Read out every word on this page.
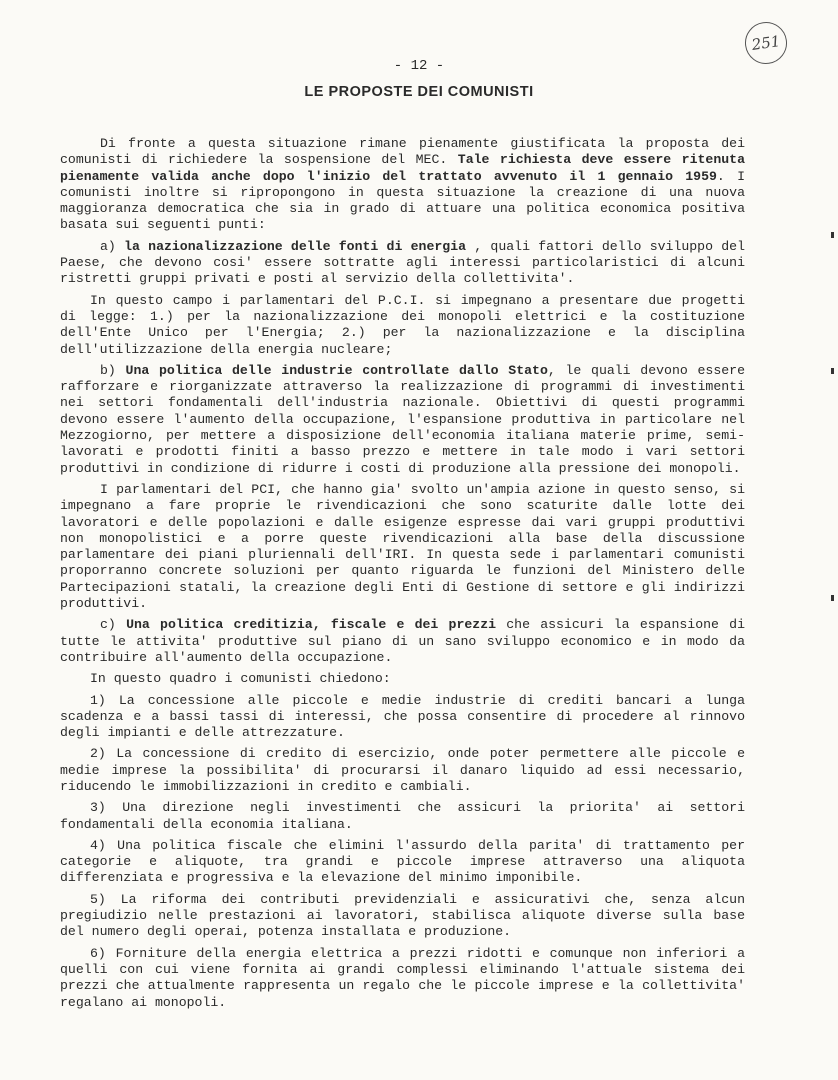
251
- 12 -
LE PROPOSTE DEI COMUNISTI

Di fronte a questa situazione rimane pienamente giustificata la proposta dei comunisti di richiedere la sospensione del MEC. Tale richiesta deve essere ritenuta pienamente valida anche dopo l'inizio del trattato avvenuto il 1 gennaio 1959. I comunisti inoltre si ripropongono in questa situazione la creazione di una nuova maggioranza democratica che sia in grado di attuare una politica economica positiva basata sui seguenti punti:

a) la nazionalizzazione delle fonti di energia , quali fattori dello sviluppo del Paese, che devono cosi' essere sottratte agli interessi particolaristici di alcuni ristretti gruppi privati e posti al servizio della collettivita'.

In questo campo i parlamentari del P.C.I. si impegnano a presentare due progetti di legge: 1.) per la nazionalizzazione dei monopoli elettrici e la costituzione dell'Ente Unico per l'Energia; 2.) per la nazionalizzazione e la disciplina dell'utilizzazione della energia nucleare;

b) Una politica delle industrie controllate dallo Stato, le quali devono essere rafforzare e riorganizzate attraverso la realizzazione di programmi di investimenti nei settori fondamentali dell'industria nazionale. Obiettivi di questi programmi devono essere l'aumento della occupazione, l'espansione produttiva in particolare nel Mezzogiorno, per mettere a disposizione dell'economia italiana materie prime, semi-lavorati e prodotti finiti a basso prezzo e mettere in tale modo i vari settori produttivi in condizione di ridurre i costi di produzione alla pressione dei monopoli.

I parlamentari del PCI, che hanno gia' svolto un'ampia azione in questo senso, si impegnano a fare proprie le rivendicazioni che sono scaturite dalle lotte dei lavoratori e delle popolazioni e dalle esigenze espresse dai vari gruppi produttivi non monopolistici e a porre queste rivendicazioni alla base della discussione parlamentare dei piani pluriennali dell'IRI. In questa sede i parlamentari comunisti proporranno concrete soluzioni per quanto riguarda le funzioni del Ministero delle Partecipazioni statali, la creazione degli Enti di Gestione di settore e gli indirizzi produttivi.

c) Una politica creditizia, fiscale e dei prezzi che assicuri la espansione di tutte le attivita' produttive sul piano di un sano sviluppo economico e in modo da contribuire all'aumento della occupazione.

In questo quadro i comunisti chiedono:

1) La concessione alle piccole e medie industrie di crediti bancari a lunga scadenza e a bassi tassi di interessi, che possa consentire di procedere al rinnovo degli impianti e delle attrezzature.

2) La concessione di credito di esercizio, onde poter permettere alle piccole e medie imprese la possibilita' di procurarsi il danaro liquido ad essi necessario, riducendo le immobilizzazioni in credito e cambiali.

3) Una direzione negli investimenti che assicuri la priorita' ai settori fondamentali della economia italiana.

4) Una politica fiscale che elimini l'assurdo della parita' di trattamento per categorie e aliquote, tra grandi e piccole imprese attraverso una aliquota differenziata e progressiva e la elevazione del minimo imponibile.

5) La riforma dei contributi previdenziali e assicurativi che, senza alcun pregiudizio nelle prestazioni ai lavoratori, stabilisca aliquote diverse sulla base del numero degli operai, potenza installata e produzione.

6) Forniture della energia elettrica a prezzi ridotti e comunque non inferiori a quelli con cui viene fornita ai grandi complessi eliminando l'attuale sistema dei prezzi che attualmente rappresenta un regalo che le piccole imprese e la collettivita' regalano ai monopoli.
